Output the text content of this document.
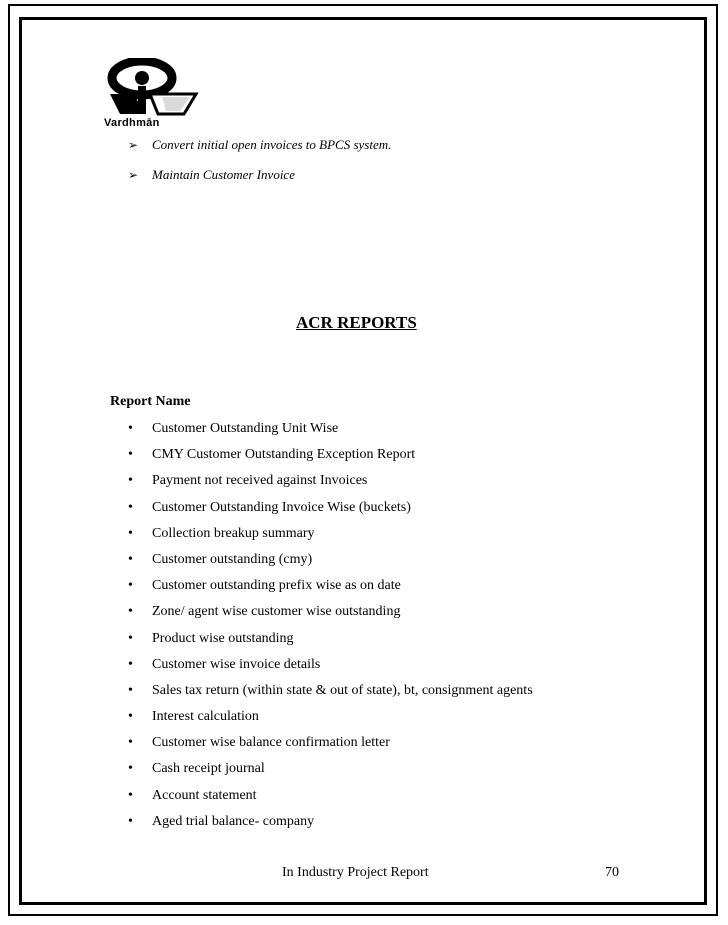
Vardhmān
➢	Convert initial open invoices to BPCS system.
➢	Maintain Customer Invoice
ACR REPORTS
Report Name
•	Customer Outstanding Unit Wise
•	CMY Customer Outstanding Exception Report
•	Payment not received against Invoices
•	Customer Outstanding Invoice Wise (buckets)
•	Collection breakup summary
•	Customer outstanding (cmy)
•	Customer outstanding prefix wise as on date
•	Zone/ agent wise customer wise outstanding
•	Product wise outstanding
•	Customer wise invoice details
•	Sales tax return (within state & out of state), bt, consignment agents
•	Interest calculation
•	Customer wise balance confirmation letter
•	Cash receipt journal
•	Account statement
•	Aged trial balance- company
In Industry Project Report	70
